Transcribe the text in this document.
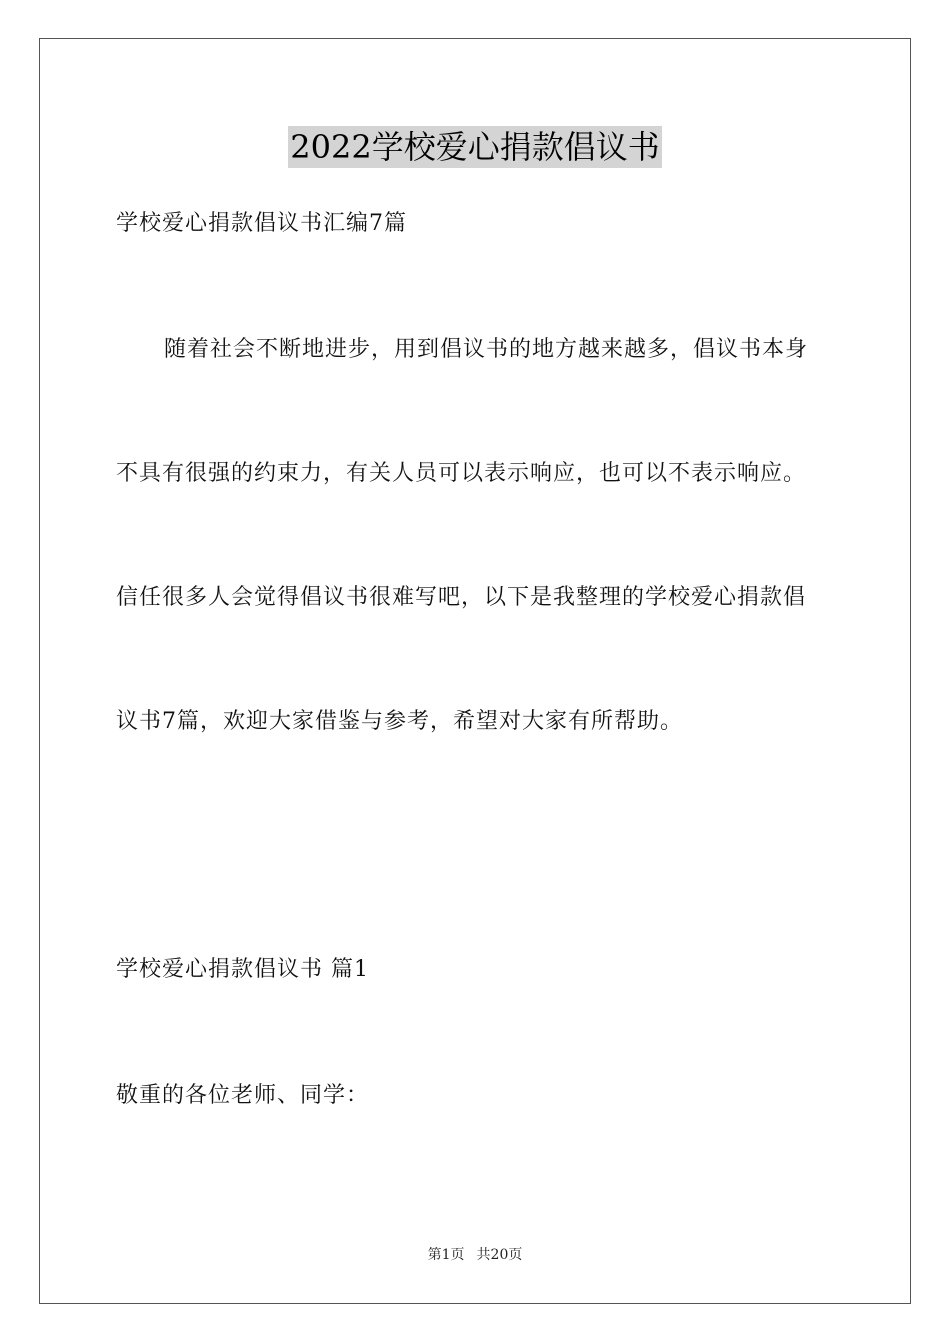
2022学校爱心捐款倡议书
学校爱心捐款倡议书汇编7篇
随着社会不断地进步，用到倡议书的地方越来越多，倡议书本身
不具有很强的约束力，有关人员可以表示响应，也可以不表示响应。
信任很多人会觉得倡议书很难写吧，以下是我整理的学校爱心捐款倡
议书7篇，欢迎大家借鉴与参考，希望对大家有所帮助。
学校爱心捐款倡议书 篇1
敬重的各位老师、同学：
第1页 共20页
